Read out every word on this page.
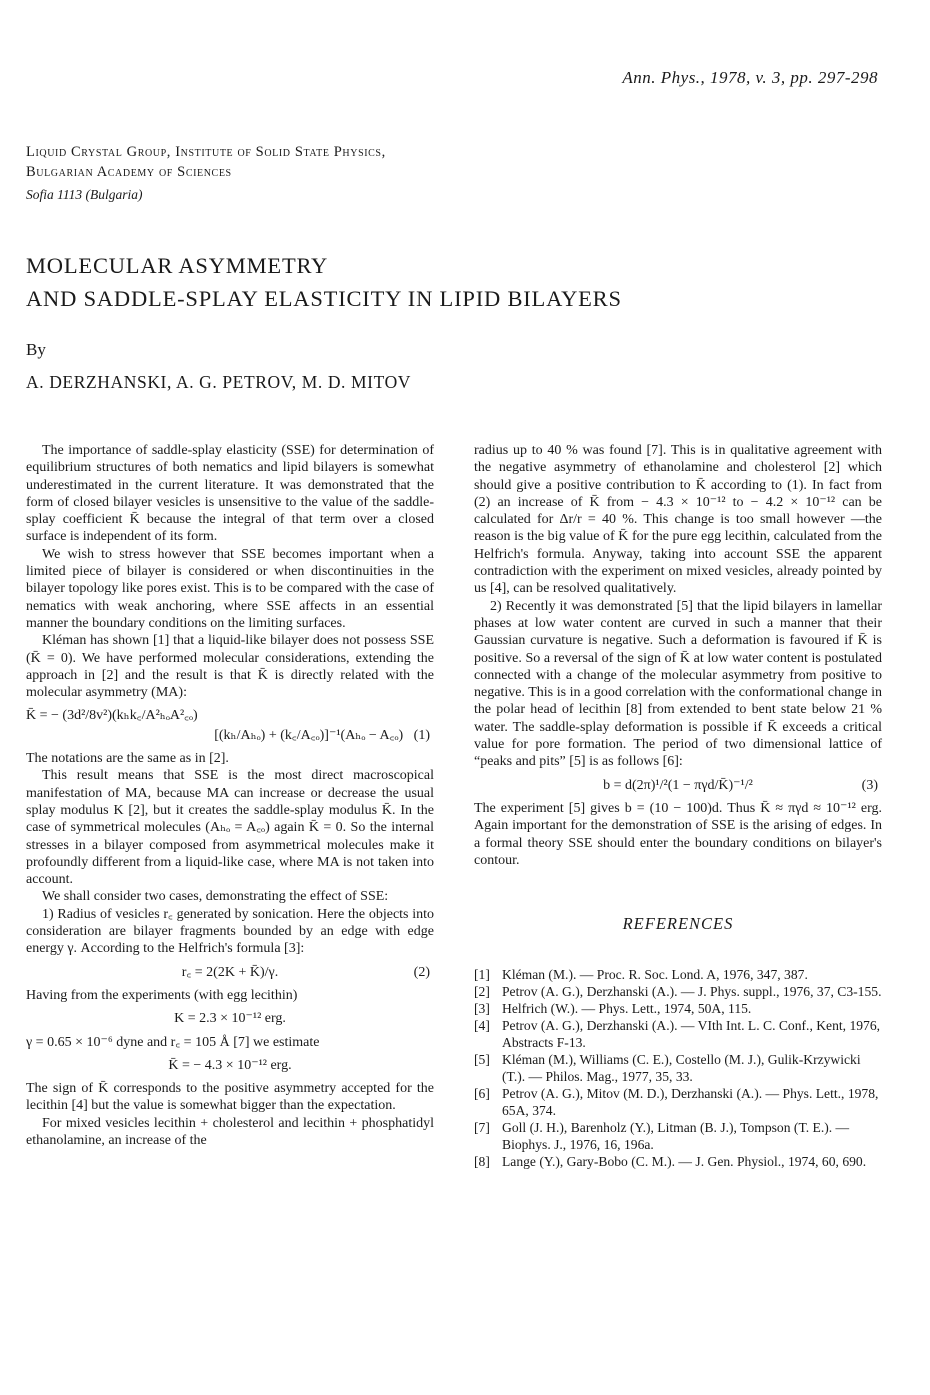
Ann. Phys., 1978, v. 3, pp. 297-298
Liquid Crystal Group, Institute of Solid State Physics,
Bulgarian Academy of Sciences
Sofia 1113 (Bulgaria)
MOLECULAR ASYMMETRY
AND SADDLE-SPLAY ELASTICITY IN LIPID BILAYERS
By
A. DERZHANSKI, A. G. PETROV, M. D. MITOV

The importance of saddle-splay elasticity (SSE) for determination of equilibrium structures of both nematics and lipid bilayers is somewhat underestimated in the current literature. It was demonstrated that the form of closed bilayer vesicles is unsensitive to the value of the saddle-splay coefficient K̄ because the integral of that term over a closed surface is independent of its form.

We wish to stress however that SSE becomes important when a limited piece of bilayer is considered or when discontinuities in the bilayer topology like pores exist. This is to be compared with the case of nematics with weak anchoring, where SSE affects in an essential manner the boundary conditions on the limiting surfaces.

Kléman has shown [1] that a liquid-like bilayer does not possess SSE (K̄ = 0). We have performed molecular considerations, extending the approach in [2] and the result is that K̄ is directly related with the molecular asymmetry (MA):

K̄ = − (3d²/8v²)(kₕk꜀/A²ₕₒA²꜀ₒ)
[(kₕ/Aₕₒ) + (k꜀/A꜀ₒ)]⁻¹(Aₕₒ − A꜀ₒ) (1)

The notations are the same as in [2].

This result means that SSE is the most direct macroscopical manifestation of MA, because MA can increase or decrease the usual splay modulus K [2], but it creates the saddle-splay modulus K̄. In the case of symmetrical molecules (Aₕₒ = A꜀ₒ) again K̄ = 0. So the internal stresses in a bilayer composed from asymmetrical molecules make it profoundly different from a liquid-like case, where MA is not taken into account.

We shall consider two cases, demonstrating the effect of SSE:

1) Radius of vesicles r꜀ generated by sonication. Here the objects into consideration are bilayer fragments bounded by an edge with edge energy γ. According to the Helfrich's formula [3]:

r꜀ = 2(2K + K̄)/γ.	(2)

Having from the experiments (with egg lecithin)

K = 2.3 × 10⁻¹² erg.

γ = 0.65 × 10⁻⁶ dyne and r꜀ = 105 Å [7] we estimate

K̄ = − 4.3 × 10⁻¹² erg.

The sign of K̄ corresponds to the positive asymmetry accepted for the lecithin [4] but the value is somewhat bigger than the expectation.

For mixed vesicles lecithin + cholesterol and lecithin + phosphatidyl ethanolamine, an increase of the

radius up to 40 % was found [7]. This is in qualitative agreement with the negative asymmetry of ethanolamine and cholesterol [2] which should give a positive contribution to K̄ according to (1). In fact from (2) an increase of K̄ from − 4.3 × 10⁻¹² to − 4.2 × 10⁻¹² can be calculated for Δr/r = 40 %. This change is too small however —the reason is the big value of K̄ for the pure egg lecithin, calculated from the Helfrich's formula. Anyway, taking into account SSE the apparent contradiction with the experiment on mixed vesicles, already pointed by us [4], can be resolved qualitatively.

2) Recently it was demonstrated [5] that the lipid bilayers in lamellar phases at low water content are curved in such a manner that their Gaussian curvature is negative. Such a deformation is favoured if K̄ is positive. So a reversal of the sign of K̄ at low water content is postulated connected with a change of the molecular asymmetry from positive to negative. This is in a good correlation with the conformational change in the polar head of lecithin [8] from extended to bent state below 21 % water. The saddle-splay deformation is possible if K̄ exceeds a critical value for pore formation. The period of two dimensional lattice of “peaks and pits” [5] is as follows [6]:

b = d(2π)¹/²(1 − πγd/K̄)⁻¹/²	(3)

The experiment [5] gives b = (10 − 100)d. Thus K̄ ≈ πγd ≈ 10⁻¹² erg. Again important for the demonstration of SSE is the arising of edges. In a formal theory SSE should enter the boundary conditions on bilayer's contour.

REFERENCES
[1] Kléman (M.). — Proc. R. Soc. Lond. A, 1976, 347, 387.
[2] Petrov (A. G.), Derzhanski (A.). — J. Phys. suppl., 1976, 37, C3-155.
[3] Helfrich (W.). — Phys. Lett., 1974, 50A, 115.
[4] Petrov (A. G.), Derzhanski (A.). — VIth Int. L. C. Conf., Kent, 1976, Abstracts F-13.
[5] Kléman (M.), Williams (C. E.), Costello (M. J.), Gulik-Krzywicki (T.). — Philos. Mag., 1977, 35, 33.
[6] Petrov (A. G.), Mitov (M. D.), Derzhanski (A.). — Phys. Lett., 1978, 65A, 374.
[7] Goll (J. H.), Barenholz (Y.), Litman (B. J.), Tompson (T. E.). — Biophys. J., 1976, 16, 196a.
[8] Lange (Y.), Gary-Bobo (C. M.). — J. Gen. Physiol., 1974, 60, 690.
